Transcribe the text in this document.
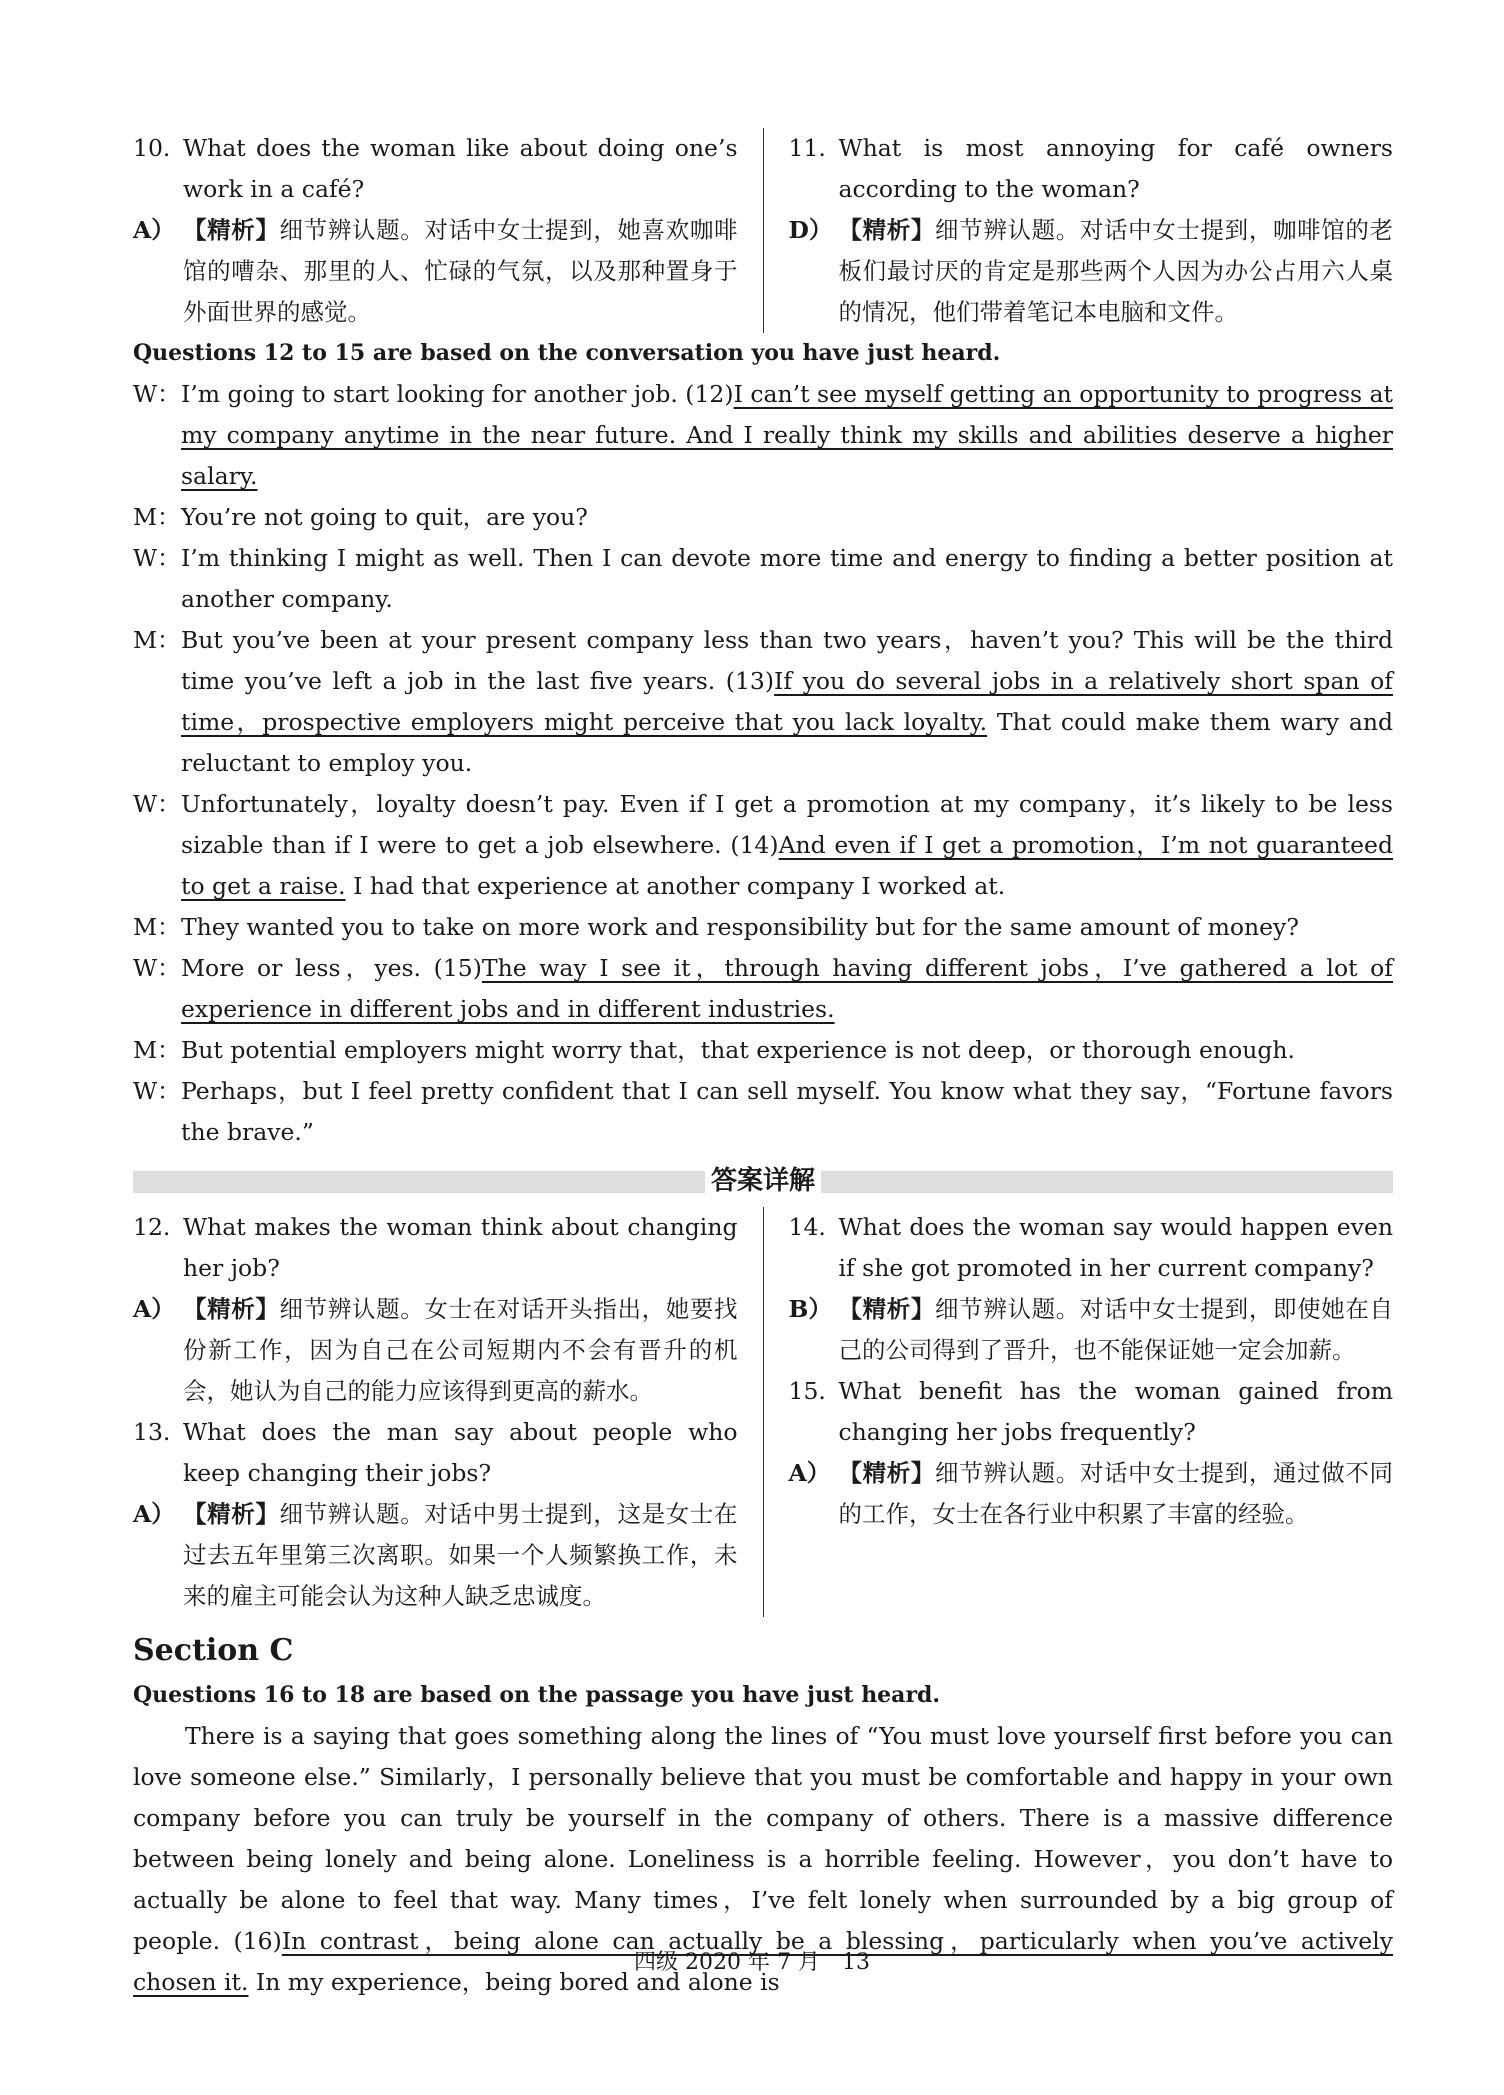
10. What does the woman like about doing one’s work in a café?
A） 【精析】细节辨认题。对话中女士提到，她喜欢咖啡馆的嘈杂、那里的人、忙碌的气氛，以及那种置身于外面世界的感觉。
11. What is most annoying for café owners according to the woman?
D） 【精析】细节辨认题。对话中女士提到，咖啡馆的老板们最讨厌的肯定是那些两个人因为办公占用六人桌的情况，他们带着笔记本电脑和文件。
Questions 12 to 15 are based on the conversation you have just heard.
W： I’m going to start looking for another job. (12)I can’t see myself getting an opportunity to progress at my company anytime in the near future. And I really think my skills and abilities deserve a higher salary.
M： You’re not going to quit，are you?
W： I’m thinking I might as well. Then I can devote more time and energy to finding a better position at another company.
M： But you’ve been at your present company less than two years，haven’t you? This will be the third time you’ve left a job in the last five years. (13)If you do several jobs in a relatively short span of time，prospective employers might perceive that you lack loyalty. That could make them wary and reluctant to employ you.
W： Unfortunately，loyalty doesn’t pay. Even if I get a promotion at my company，it’s likely to be less sizable than if I were to get a job elsewhere. (14)And even if I get a promotion，I’m not guaranteed to get a raise. I had that experience at another company I worked at.
M： They wanted you to take on more work and responsibility but for the same amount of money?
W： More or less，yes. (15)The way I see it，through having different jobs，I’ve gathered a lot of experience in different jobs and in different industries.
M： But potential employers might worry that，that experience is not deep，or thorough enough.
W： Perhaps，but I feel pretty confident that I can sell myself. You know what they say，“Fortune favors the brave.”
答案详解
12. What makes the woman think about changing her job?
A） 【精析】细节辨认题。女士在对话开头指出，她要找份新工作，因为自己在公司短期内不会有晋升的机会，她认为自己的能力应该得到更高的薪水。
13. What does the man say about people who keep changing their jobs?
A） 【精析】细节辨认题。对话中男士提到，这是女士在过去五年里第三次离职。如果一个人频繁换工作，未来的雇主可能会认为这种人缺乏忠诚度。
14. What does the woman say would happen even if she got promoted in her current company?
B） 【精析】细节辨认题。对话中女士提到，即使她在自己的公司得到了晋升，也不能保证她一定会加薪。
15. What benefit has the woman gained from changing her jobs frequently?
A） 【精析】细节辨认题。对话中女士提到，通过做不同的工作，女士在各行业中积累了丰富的经验。
Section C
Questions 16 to 18 are based on the passage you have just heard.
There is a saying that goes something along the lines of “You must love yourself first before you can love someone else.” Similarly，I personally believe that you must be comfortable and happy in your own company before you can truly be yourself in the company of others. There is a massive difference between being lonely and being alone. Loneliness is a horrible feeling. However，you don’t have to actually be alone to feel that way. Many times，I’ve felt lonely when surrounded by a big group of people. (16)In contrast，being alone can actually be a blessing，particularly when you’ve actively chosen it. In my experience，being bored and alone is
四级 2020 年 7 月　13
